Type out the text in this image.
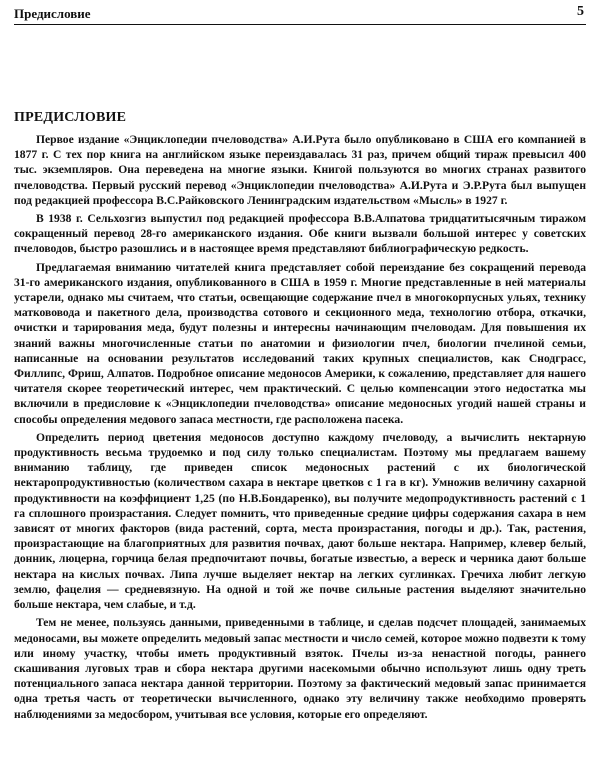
Предисловие	5
ПРЕДИСЛОВИЕ

Первое издание «Энциклопедии пчеловодства» А.И.Рута было опубликовано в США его компанией в 1877 г. С тех пор книга на английском языке переиздавалась 31 раз, причем общий тираж превысил 400 тыс. экземпляров. Она переведена на многие языки. Книгой пользуются во многих странах развитого пчеловодства. Первый русский перевод «Энциклопедии пчеловодства» А.И.Рута и Э.Р.Рута был выпущен под редакцией профессора В.С.Райковского Ленинградским издательством «Мысль» в 1927 г.

В 1938 г. Сельхозгиз выпустил под редакцией профессора В.В.Алпатова тридцатитысячным тиражом сокращенный перевод 28-го американского издания. Обе книги вызвали большой интерес у советских пчеловодов, быстро разошлись и в настоящее время представляют библиографическую редкость.

Предлагаемая вниманию читателей книга представляет собой переиздание без сокращений перевода 31-го американского издания, опубликованного в США в 1959 г. Многие представленные в ней материалы устарели, однако мы считаем, что статьи, освещающие содержание пчел в многокорпусных ульях, технику маткововода и пакетного дела, производства сотового и секционного меда, технологию отбора, откачки, очистки и тарирования меда, будут полезны и интересны начинающим пчеловодам. Для повышения их знаний важны многочисленные статьи по анатомии и физиологии пчел, биологии пчелиной семьи, написанные на основании результатов исследований таких крупных специалистов, как Снодграсс, Филлипс, Фриш, Алпатов. Подробное описание медоносов Америки, к сожалению, представляет для нашего читателя скорее теоретический интерес, чем практический. С целью компенсации этого недостатка мы включили в предисловие к «Энциклопедии пчеловодства» описание медоносных угодий нашей страны и способы определения медового запаса местности, где расположена пасека.

Определить период цветения медоносов доступно каждому пчеловоду, а вычислить нектарную продуктивность весьма трудоемко и под силу только специалистам. Поэтому мы предлагаем вашему вниманию таблицу, где приведен список медоносных растений с их биологической нектаропродуктивностью (количеством сахара в нектаре цветков с 1 га в кг). Умножив величину сахарной продуктивности на коэффициент 1,25 (по Н.В.Бондаренко), вы получите медопродуктивность растений с 1 га сплошного произрастания. Следует помнить, что приведенные средние цифры содержания сахара в нем зависят от многих факторов (вида растений, сорта, места произрастания, погоды и др.). Так, растения, произрастающие на благоприятных для развития почвах, дают больше нектара. Например, клевер белый, донник, люцерна, горчица белая предпочитают почвы, богатые известью, а вереск и черника дают больше нектара на кислых почвах. Липа лучше выделяет нектар на легких суглинках. Гречиха любит легкую землю, фацелия — средневязную. На одной и той же почве сильные растения выделяют значительно больше нектара, чем слабые, и т.д.

Тем не менее, пользуясь данными, приведенными в таблице, и сделав подсчет площадей, занимаемых медоносами, вы можете определить медовый запас местности и число семей, которое можно подвезти к тому или иному участку, чтобы иметь продуктивный взяток. Пчелы из-за ненастной погоды, раннего скашивания луговых трав и сбора нектара другими насекомыми обычно используют лишь одну треть потенциального запаса нектара данной территории. Поэтому за фактический медовый запас принимается одна третья часть от теоретически вычисленного, однако эту величину также необходимо проверять наблюдениями за медосбором, учитывая все условия, которые его определяют.
